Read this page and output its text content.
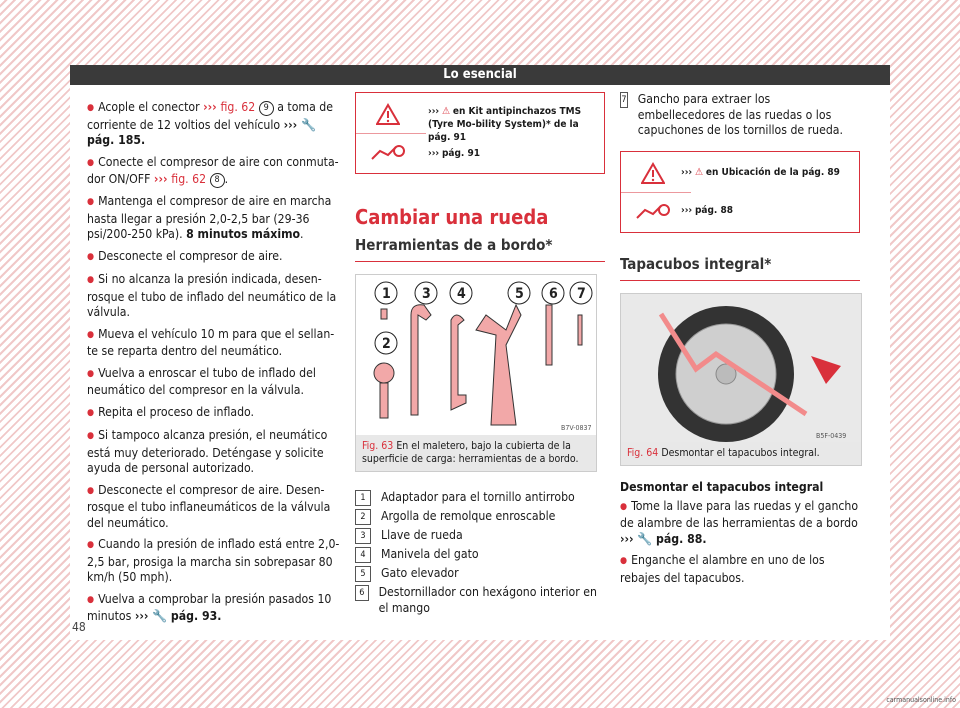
Lo esencial

● Acople el conector ››› fig. 62 9 a toma de corriente de 12 voltios del vehículo ››› 🔧 pág. 185.

● Conecte el compresor de aire con conmuta-dor ON/OFF ››› fig. 62 8 .

● Mantenga el compresor de aire en marcha hasta llegar a presión 2,0-2,5 bar (29-36 psi/200-250 kPa). 8 minutos máximo.

● Desconecte el compresor de aire.

● Si no alcanza la presión indicada, desen-rosque el tubo de inflado del neumático de la válvula.

● Mueva el vehículo 10 m para que el sellan-te se reparta dentro del neumático.

● Vuelva a enroscar el tubo de inflado del neumático del compresor en la válvula.

● Repita el proceso de inflado.

● Si tampoco alcanza presión, el neumático está muy deteriorado. Deténgase y solicite ayuda de personal autorizado.

● Desconecte el compresor de aire. Desen-rosque el tubo inflaneumáticos de la válvula del neumático.

● Cuando la presión de inflado está entre 2,0-2,5 bar, prosiga la marcha sin sobrepasar 80 km/h (50 mph).

● Vuelva a comprobar la presión pasados 10 minutos ››› 🔧 pág. 93.

››› ⚠ en Kit antipinchazos TMS (Tyre Mo-bility System)* de la pág. 91
››› pág. 91
Cambiar una rueda
Herramientas de a bordo*
1
2
3 4	5 6 7
B7V-0837
Fig. 63 En el maletero, bajo la cubierta de la superficie de carga: herramientas de a bordo.
1	Adaptador para el tornillo antirrobo
2	Argolla de remolque enroscable
3	Llave de rueda
4	Manivela del gato
5	Gato elevador
6	Destornillador con hexágono interior en el mango
7 Gancho para extraer los embellecedores de las ruedas o los capuchones de los tornillos de rueda.
››› ⚠ en Ubicación de la pág. 89
››› pág. 88
Tapacubos integral*
B5F-0439
Fig. 64 Desmontar el tapacubos integral.
Desmontar el tapacubos integral

● Tome la llave para las ruedas y el gancho de alambre de las herramientas de a bordo ››› 🔧 pág. 88.

● Enganche el alambre en uno de los rebajes del tapacubos.

48
carmanualsonline.info
